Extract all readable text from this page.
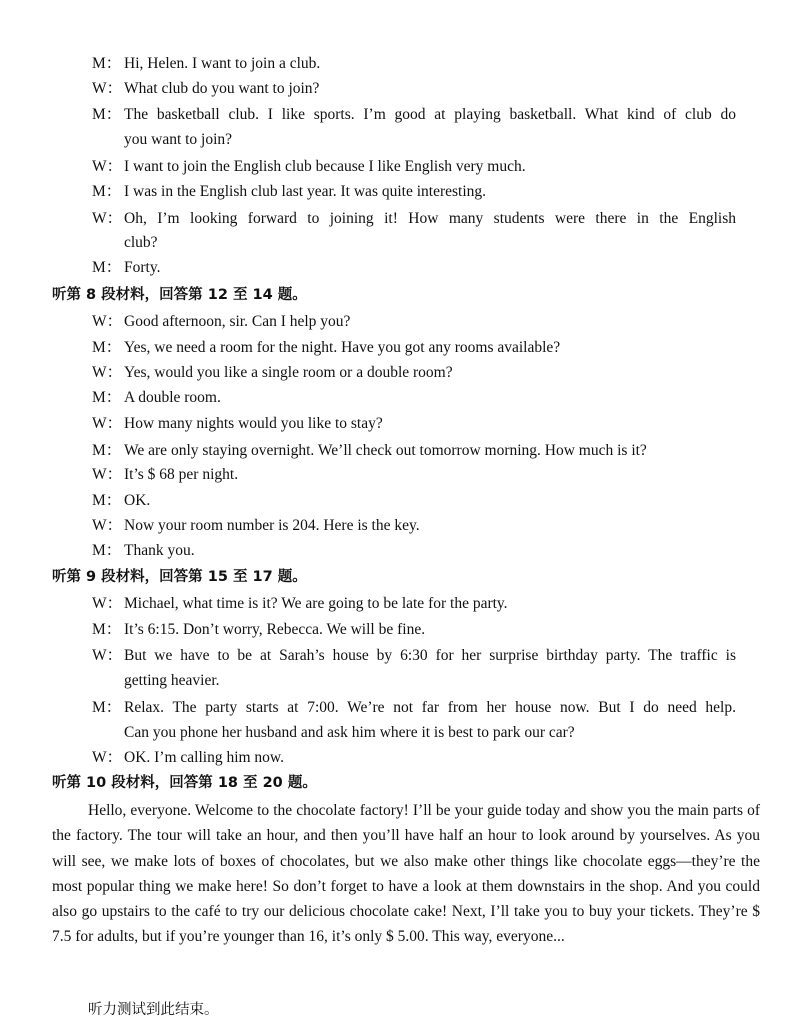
M： Hi, Helen. I want to join a club.
W： What club do you want to join?
M： The basketball club. I like sports. I’m good at playing basketball. What kind of club do
you want to join?
W： I want to join the English club because I like English very much.
M： I was in the English club last year. It was quite interesting.
W： Oh, I’m looking forward to joining it! How many students were there in the English
club?
M： Forty.
听第 8 段材料，回答第 12 至 14 题。
W： Good afternoon, sir. Can I help you?
M： Yes, we need a room for the night. Have you got any rooms available?
W： Yes, would you like a single room or a double room?
M： A double room.
W： How many nights would you like to stay?
M： We are only staying overnight. We’ll check out tomorrow morning. How much is it?
W： It’s $ 68 per night.
M： OK.
W： Now your room number is 204. Here is the key.
M： Thank you.
听第 9 段材料，回答第 15 至 17 题。
W： Michael, what time is it? We are going to be late for the party.
M： It’s 6:15. Don’t worry, Rebecca. We will be fine.
W： But we have to be at Sarah’s house by 6:30 for her surprise birthday party. The traffic is
getting heavier.
M： Relax. The party starts at 7:00. We’re not far from her house now. But I do need help.
Can you phone her husband and ask him where it is best to park our car?
W： OK. I’m calling him now.
听第 10 段材料，回答第 18 至 20 题。
Hello, everyone. Welcome to the chocolate factory! I’ll be your guide today and show you the main parts of the factory. The tour will take an hour, and then you’ll have half an hour to look around by yourselves. As you will see, we make lots of boxes of chocolates, but we also make other things like chocolate eggs—they’re the most popular thing we make here! So don’t forget to have a look at them downstairs in the shop. And you could also go upstairs to the café to try our delicious chocolate cake! Next, I’ll take you to buy your tickets. They’re $ 7.5 for adults, but if you’re younger than 16, it’s only $ 5.00. This way, everyone...
听力测试到此结束。
